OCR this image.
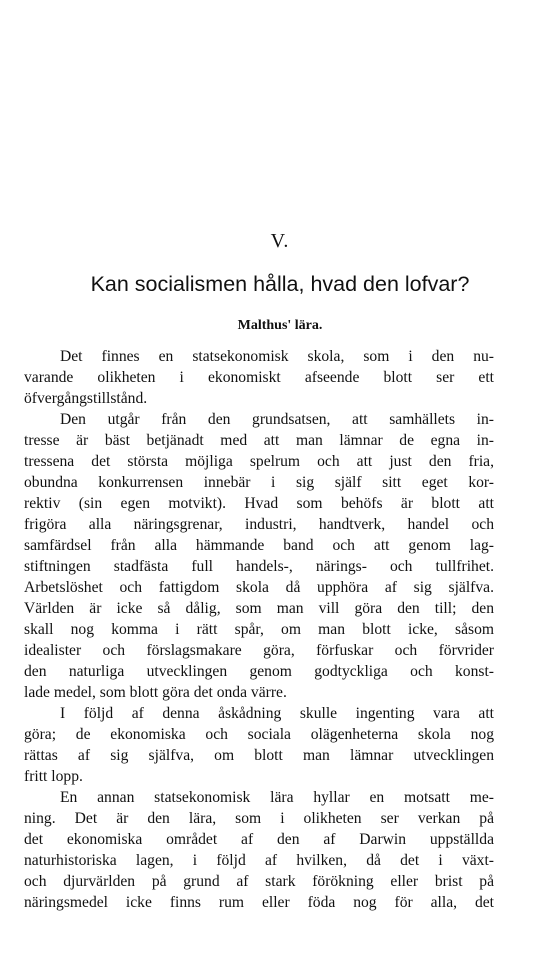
V.
Kan socialismen hålla, hvad den lofvar?
Malthus' lära.
Det finnes en statsekonomisk skola, som i den nu-
varande olikheten i ekonomiskt afseende blott ser ett
öfvergångstillstånd.
Den utgår från den grundsatsen, att samhällets in-
tresse är bäst betjänadt med att man lämnar de egna in-
tressena det största möjliga spelrum och att just den fria,
obundna konkurrensen innebär i sig själf sitt eget kor-
rektiv (sin egen motvikt). Hvad som behöfs är blott att
frigöra alla näringsgrenar, industri, handtverk, handel och
samfärdsel från alla hämmande band och att genom lag-
stiftningen stadfästa full handels-, närings- och tullfrihet.
Arbetslöshet och fattigdom skola då upphöra af sig själfva.
Världen är icke så dålig, som man vill göra den till; den
skall nog komma i rätt spår, om man blott icke, såsom
idealister och förslagsmakare göra, förfuskar och förvrider
den naturliga utvecklingen genom godtyckliga och konst-
lade medel, som blott göra det onda värre.
I följd af denna åskådning skulle ingenting vara att
göra; de ekonomiska och sociala olägenheterna skola nog
rättas af sig själfva, om blott man lämnar utvecklingen
fritt lopp.
En annan statsekonomisk lära hyllar en motsatt me-
ning. Det är den lära, som i olikheten ser verkan på
det ekonomiska området af den af Darwin uppställda
naturhistoriska lagen, i följd af hvilken, då det i växt-
och djurvärlden på grund af stark förökning eller brist på
näringsmedel icke finns rum eller föda nog för alla, det
